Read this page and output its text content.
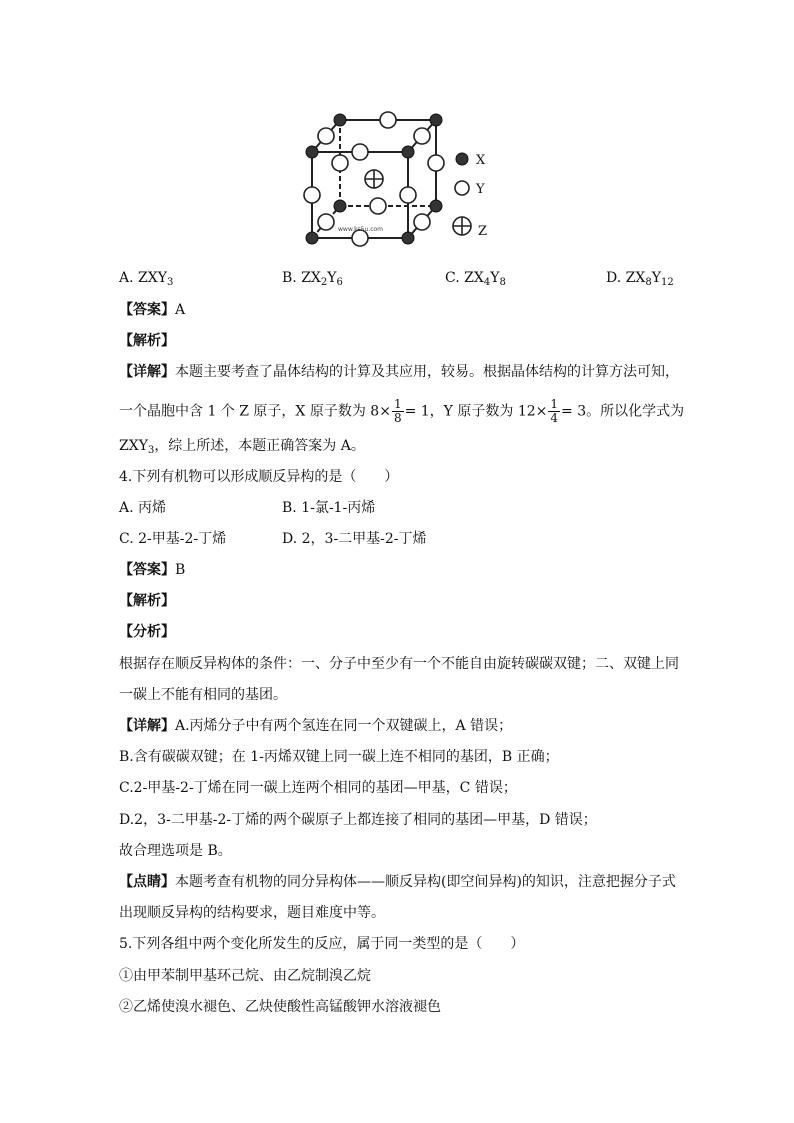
www.ks5u.com
X
Y
Z
A. $ZXY_3$	B. $ZX_2Y_6$	C. $ZX_4Y_8$	D. $ZX_8Y_{12}$
【答案】A
【解析】
【详解】本题主要考查了晶体结构的计算及其应用，较易。根据晶体结构的计算方法可知，
一个晶胞中含 1 个 Z 原子，X 原子数为 $8\times \frac{1}{8} = 1$，Y 原子数为 $12\times \frac{1}{4} = 3$。所以化学式为
$ZXY_3$，综上所述，本题正确答案为 A。
4.下列有机物可以形成顺反异构的是（　　）
A. 丙烯	B. 1-氯-1-丙烯
C. 2-甲基-2-丁烯	D. 2，3-二甲基-2-丁烯
【答案】B
【解析】
【分析】
根据存在顺反异构体的条件：一、分子中至少有一个不能自由旋转碳碳双键；二、双键上同
一碳上不能有相同的基团。
【详解】A.丙烯分子中有两个氢连在同一个双键碳上，A 错误；
B.含有碳碳双键；在 1-丙烯双键上同一碳上连不相同的基团，B 正确；
C.2-甲基-2-丁烯在同一碳上连两个相同的基团—甲基，C 错误；
D.2，3-二甲基-2-丁烯的两个碳原子上都连接了相同的基团—甲基，D 错误；
故合理选项是 B。
【点睛】本题考查有机物的同分异构体——顺反异构(即空间异构)的知识，注意把握分子式
出现顺反异构的结构要求，题目难度中等。
5.下列各组中两个变化所发生的反应，属于同一类型的是（　　）
①由甲苯制甲基环己烷、由乙烷制溴乙烷
②乙烯使溴水褪色、乙炔使酸性高锰酸钾水溶液褪色
